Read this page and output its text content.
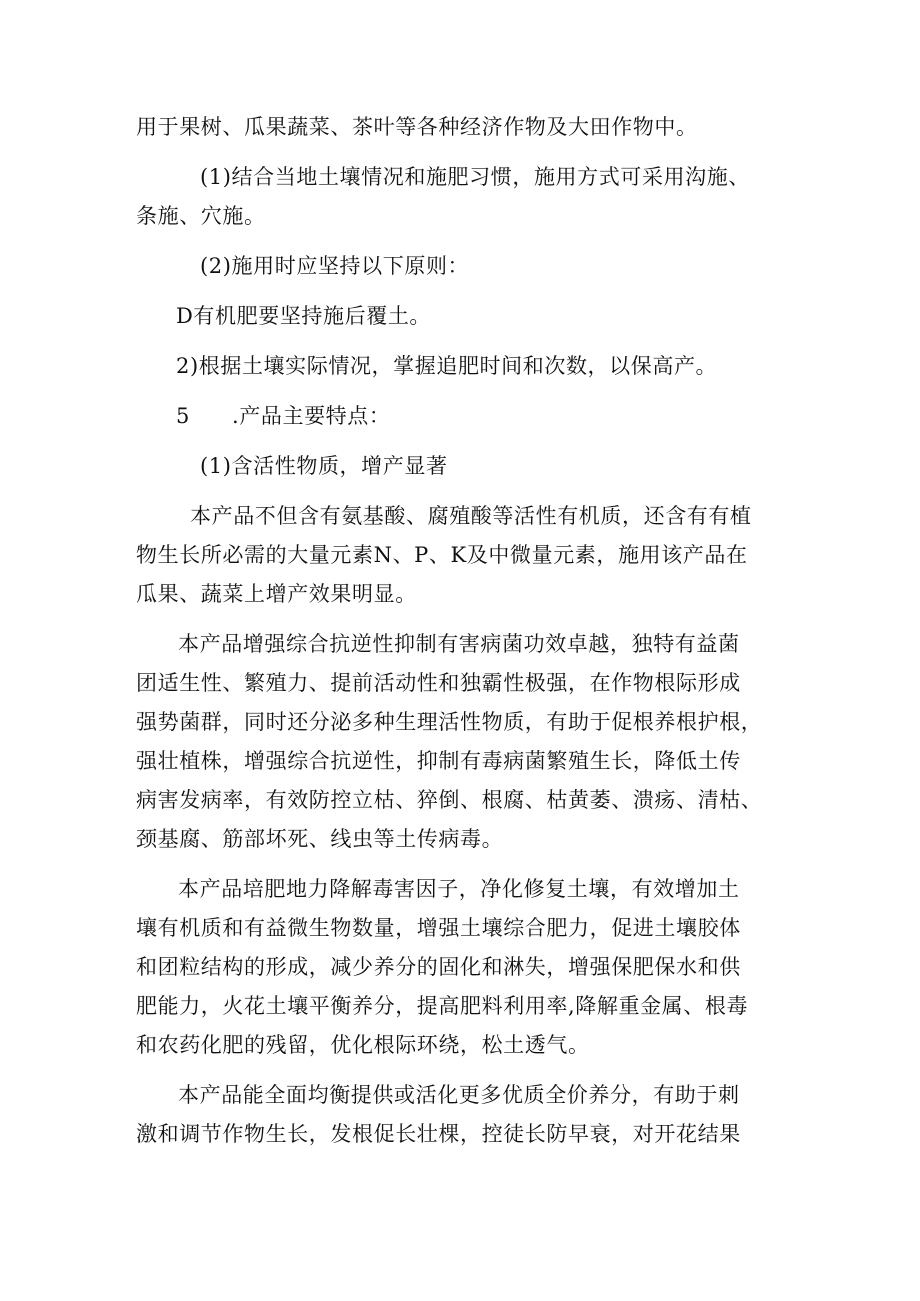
用于果树、瓜果蔬菜、茶叶等各种经济作物及大田作物中。
(1)结合当地土壤情况和施肥习惯，施用方式可采用沟施、
条施、穴施。
(2)施用时应坚持以下原则：
D有机肥要坚持施后覆土。
2)根据土壤实际情况，掌握追肥时间和次数，以保高产。
5 .产品主要特点：
(1)含活性物质，增产显著
本产品不但含有氨基酸、腐殖酸等活性有机质，还含有有植
物生长所必需的大量元素N、P、K及中微量元素，施用该产品在
瓜果、蔬菜上增产效果明显。
本产品增强综合抗逆性抑制有害病菌功效卓越，独特有益菌
团适生性、繁殖力、提前活动性和独霸性极强，在作物根际形成
强势菌群，同时还分泌多种生理活性物质，有助于促根养根护根，
强壮植株，增强综合抗逆性，抑制有毒病菌繁殖生长，降低土传
病害发病率，有效防控立枯、猝倒、根腐、枯黄萎、溃疡、清枯、
颈基腐、筋部坏死、线虫等土传病毒。
本产品培肥地力降解毒害因子，净化修复土壤，有效增加土
壤有机质和有益微生物数量，增强土壤综合肥力，促进土壤胶体
和团粒结构的形成，减少养分的固化和淋失，增强保肥保水和供
肥能力，火花土壤平衡养分，提高肥料利用率,降解重金属、根毒
和农药化肥的残留，优化根际环绕，松土透气。
本产品能全面均衡提供或活化更多优质全价养分，有助于刺
激和调节作物生长，发根促长壮棵，控徒长防早衰，对开花结果
